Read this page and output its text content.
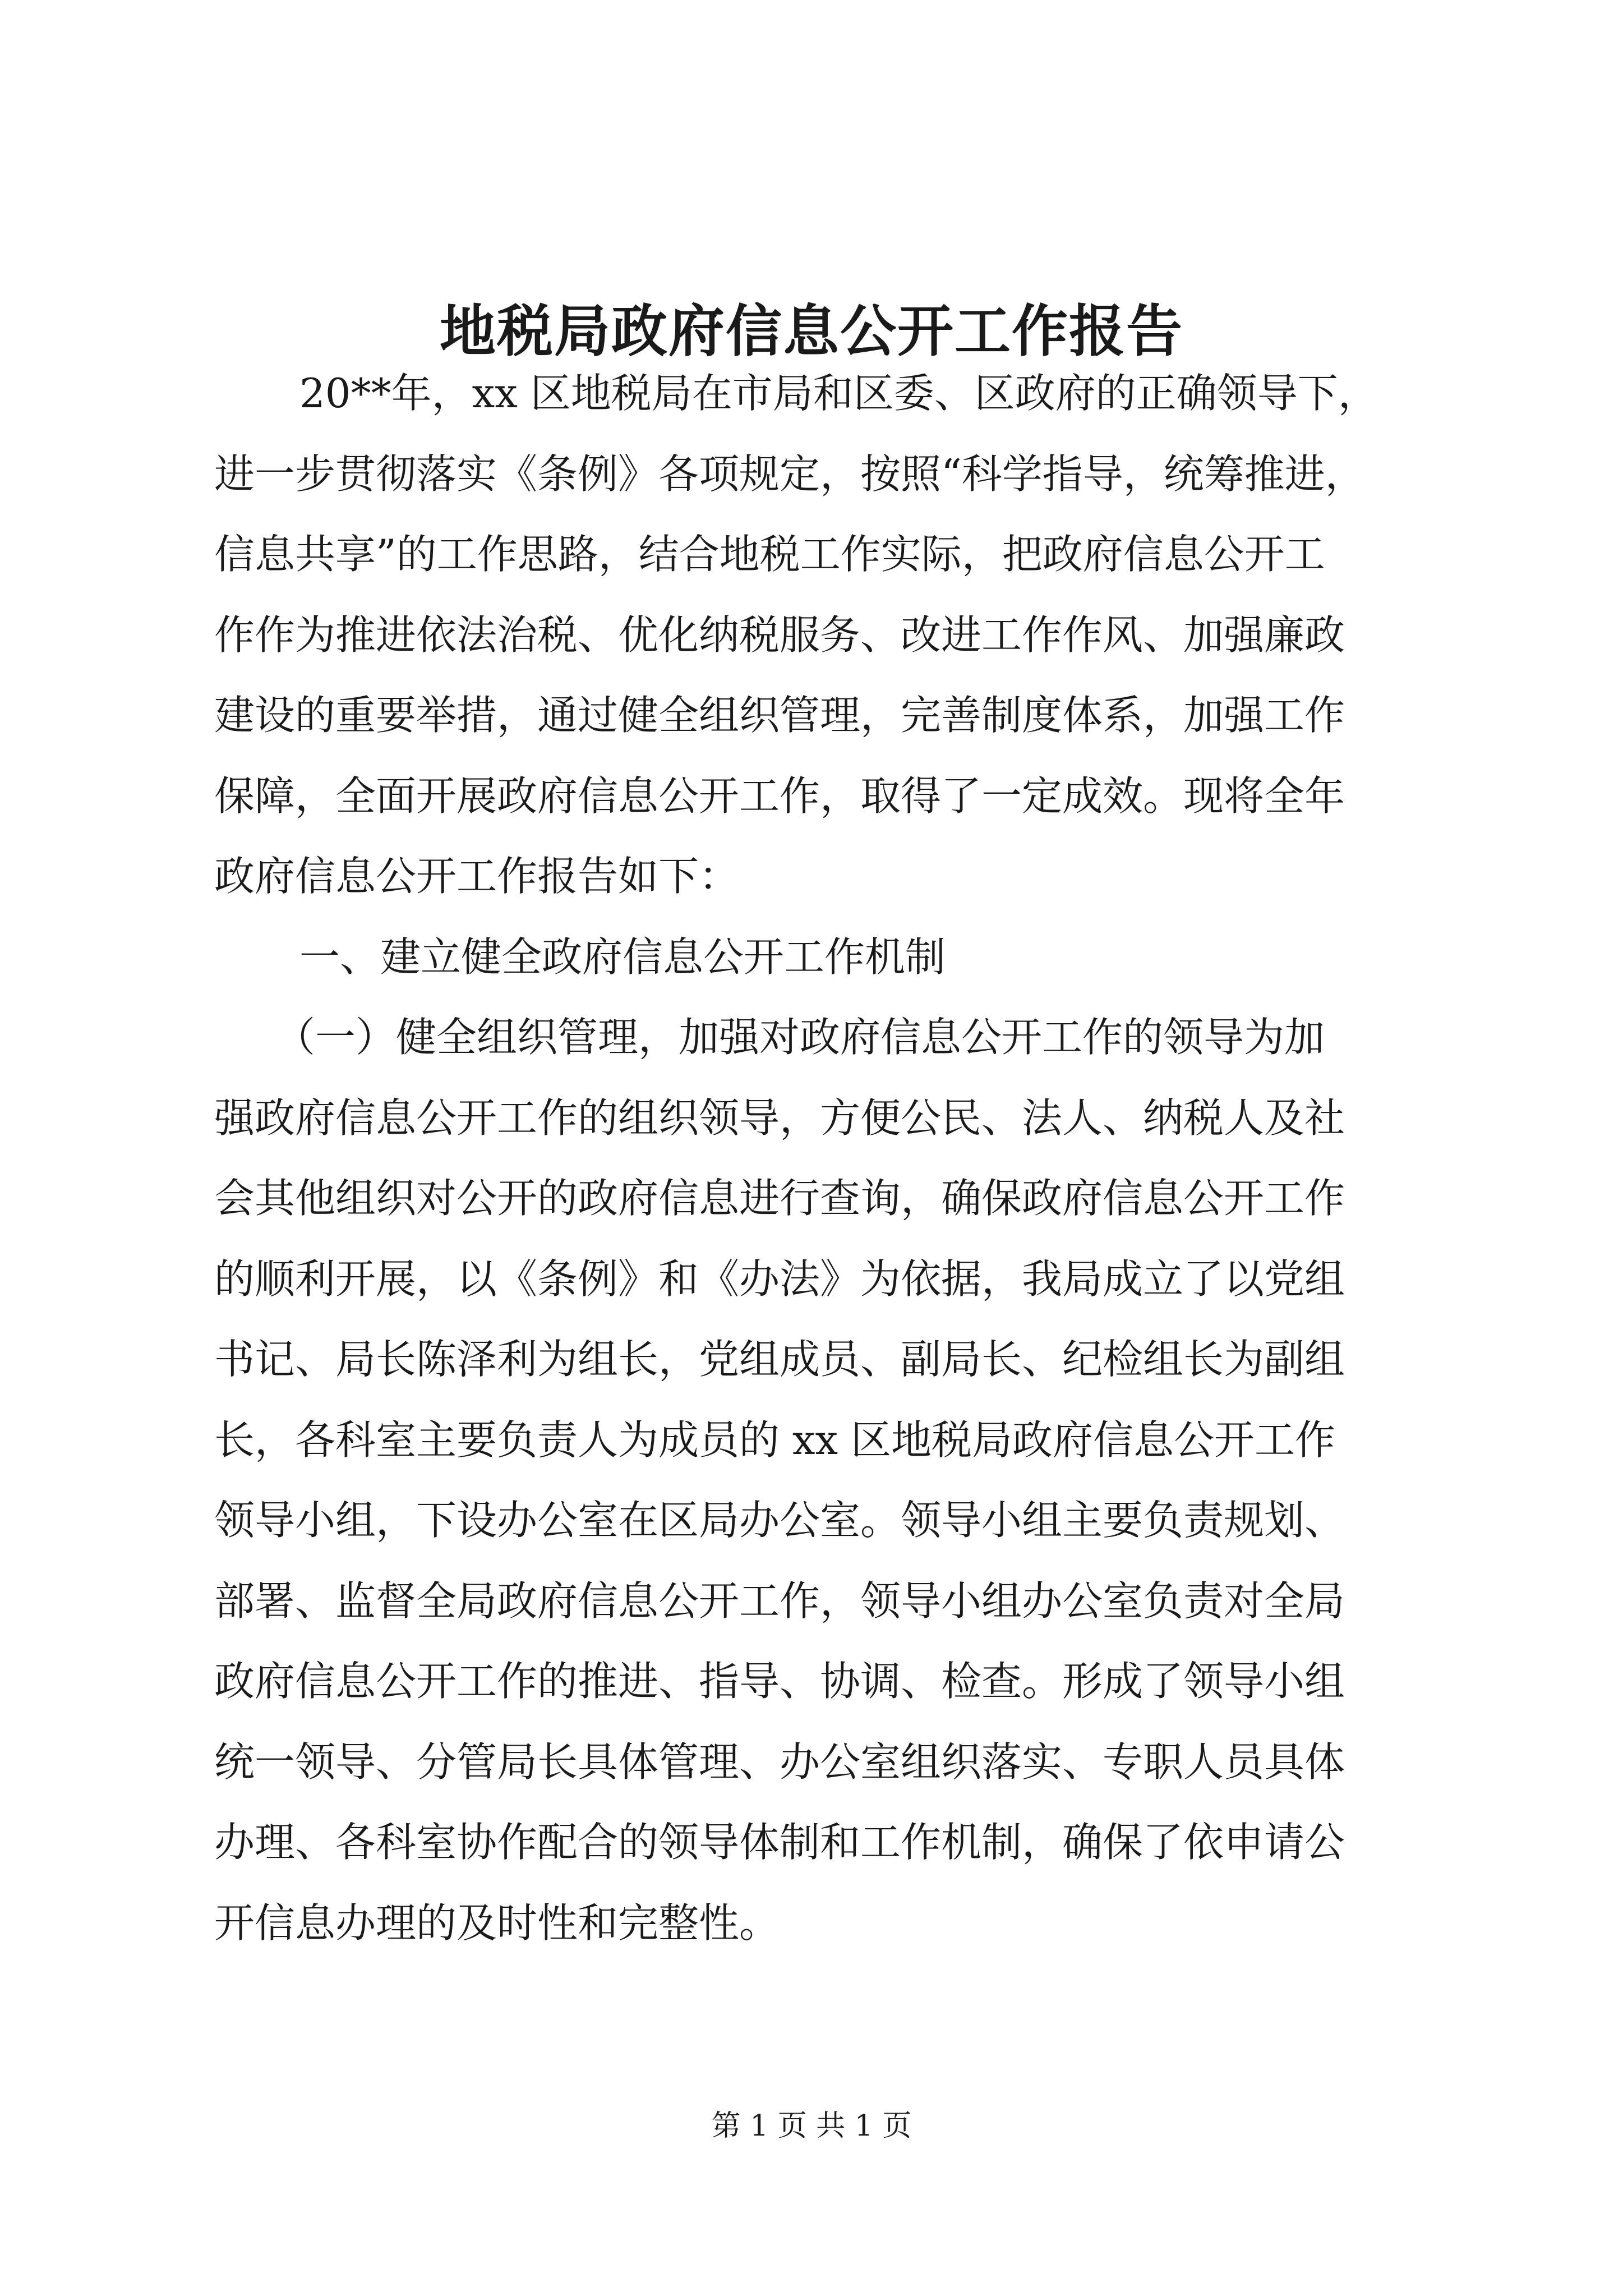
地税局政府信息公开工作报告
20**年，xx 区地税局在市局和区委、区政府的正确领导下，
进一步贯彻落实《条例》各项规定，按照“科学指导，统筹推进，
信息共享”的工作思路，结合地税工作实际，把政府信息公开工
作作为推进依法治税、优化纳税服务、改进工作作风、加强廉政
建设的重要举措，通过健全组织管理，完善制度体系，加强工作
保障，全面开展政府信息公开工作，取得了一定成效。现将全年
政府信息公开工作报告如下：
一、建立健全政府信息公开工作机制
（一）健全组织管理，加强对政府信息公开工作的领导为加
强政府信息公开工作的组织领导，方便公民、法人、纳税人及社
会其他组织对公开的政府信息进行查询，确保政府信息公开工作
的顺利开展，以《条例》和《办法》为依据，我局成立了以党组
书记、局长陈泽利为组长，党组成员、副局长、纪检组长为副组
长，各科室主要负责人为成员的 xx 区地税局政府信息公开工作
领导小组，下设办公室在区局办公室。领导小组主要负责规划、
部署、监督全局政府信息公开工作，领导小组办公室负责对全局
政府信息公开工作的推进、指导、协调、检查。形成了领导小组
统一领导、分管局长具体管理、办公室组织落实、专职人员具体
办理、各科室协作配合的领导体制和工作机制，确保了依申请公
开信息办理的及时性和完整性。
第 1 页 共 1 页
